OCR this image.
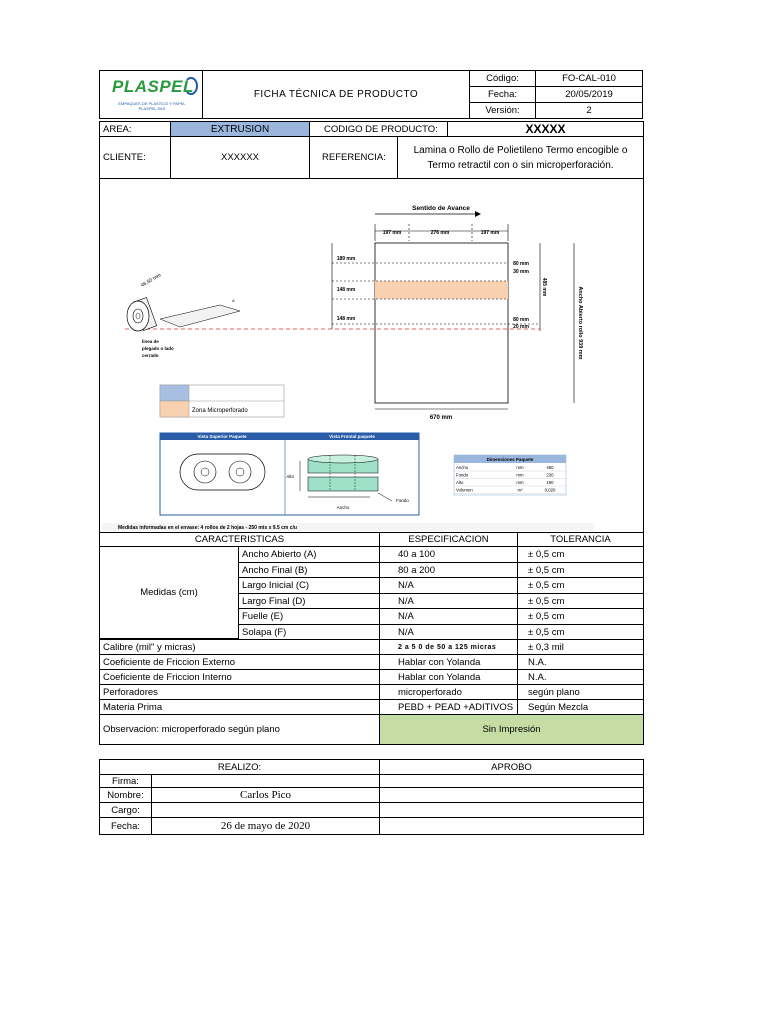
PLASPEL
EMPAQUES DE PLASTICO Y PAPEL PLASPEL SAS
FICHA TÉCNICA DE PRODUCTO
Código:	FO-CAL-010
Fecha:	20/05/2019
Versión:	2
AREA:	EXTRUSION	CODIGO DE PRODUCTO:	XXXXX
CLIENTE:	XXXXXX	REFERENCIA:
Lamina o Rollo de Polietileno Termo encogible o
Termo retractil con o sin microperforación.
Sentido de Avance
197 mm	276 mm	197 mm
189 mm
148 mm
148 mm
80 mm
30 mm
80 mm
20 mm
485 mm	Ancho Abierto rollo 939 mm
670 mm
46,50 mm
A
linea de
plegado o lado
cerrado
Zona Microperforado
Vista Superior Paquete	Vista Frontal paquete
Alto
Ancho
Fondo
Dimensiones Paquete
Ancho	mm	460
Fondo	mm	230
Alto	mm	190
Volumen	m³	0,020
Medidas informadas en el envase: 4 rollos de 2 hojas - 250 mts x 9.5 cm c/u
CARACTERISTICAS	ESPECIFICACION	TOLERANCIA
Medidas (cm)
Ancho Abierto (A)	40 a 100	± 0,5 cm
Ancho Final (B)	80 a 200	± 0,5 cm
Largo Inicial (C)	N/A	± 0,5 cm
Largo Final (D)	N/A	± 0,5 cm
Fuelle (E)	N/A	± 0,5 cm
Solapa (F)	N/A	± 0,5 cm
Calibre (mil" y micras)	2 a 5 0 de 50 a 125 micras	± 0,3 mil
Coeficiente de Friccion Externo	Hablar con Yolanda	N.A.
Coeficiente de Friccion Interno	Hablar con Yolanda	N.A.
Perforadores	microperforado	según plano
Materia Prima	PEBD + PEAD +ADITIVOS	Según Mezcla
Observacion: microperforado según plano	Sin Impresión
REALIZO:	APROBO
Firma:
Nombre:	Carlos Pico
Cargo:
Fecha:	26 de mayo de 2020
